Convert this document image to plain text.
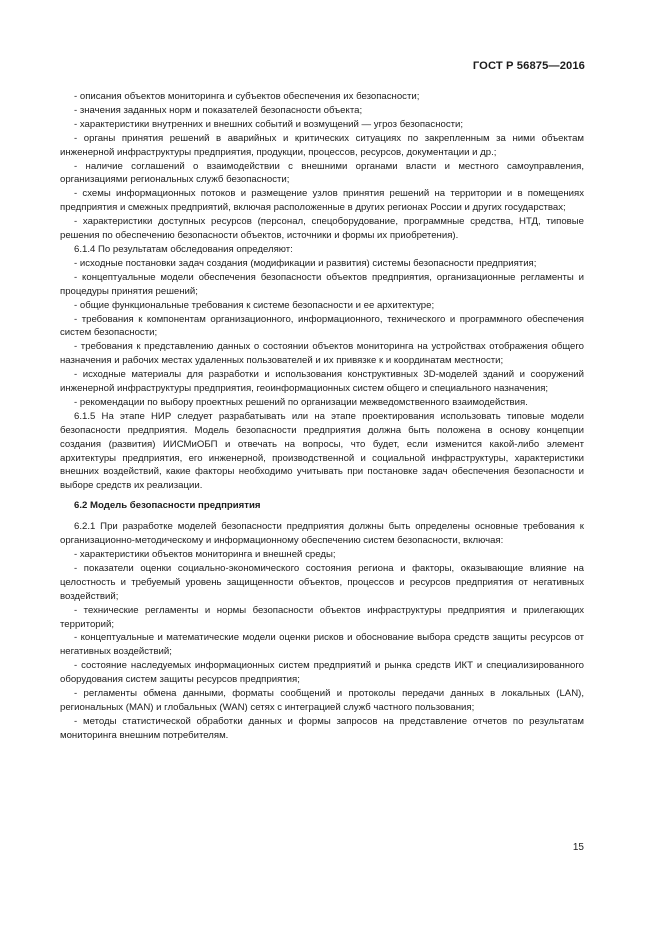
ГОСТ Р 56875—2016

- описания объектов мониторинга и субъектов обеспечения их безопасности;

- значения заданных норм и показателей безопасности объекта;

- характеристики внутренних и внешних событий и возмущений — угроз безопасности;

- органы принятия решений в аварийных и критических ситуациях по закрепленным за ними объектам инженерной инфраструктуры предприятия, продукции, процессов, ресурсов, документации и др.;

- наличие соглашений о взаимодействии с внешними органами власти и местного самоуправления, организациями региональных служб безопасности;

- схемы информационных потоков и размещение узлов принятия решений на территории и в помещениях предприятия и смежных предприятий, включая расположенные в других регионах России и других государствах;

- характеристики доступных ресурсов (персонал, спецоборудование, программные средства, НТД, типовые решения по обеспечению безопасности объектов, источники и формы их приобретения).

6.1.4 По результатам обследования определяют:

- исходные постановки задач создания (модификации и развития) системы безопасности предприятия;

- концептуальные модели обеспечения безопасности объектов предприятия, организационные регламенты и процедуры принятия решений;

- общие функциональные требования к системе безопасности и ее архитектуре;

- требования к компонентам организационного, информационного, технического и программного обеспечения систем безопасности;

- требования к представлению данных о состоянии объектов мониторинга на устройствах отображения общего назначения и рабочих местах удаленных пользователей и их привязке к и координатам местности;

- исходные материалы для разработки и использования конструктивных 3D-моделей зданий и сооружений инженерной инфраструктуры предприятия, геоинформационных систем общего и специального назначения;

- рекомендации по выбору проектных решений по организации межведомственного взаимодействия.

6.1.5 На этапе НИР следует разрабатывать или на этапе проектирования использовать типовые модели безопасности предприятия. Модель безопасности предприятия должна быть положена в основу концепции создания (развития) ИИСМиОБП и отвечать на вопросы, что будет, если изменится какой-либо элемент архитектуры предприятия, его инженерной, производственной и социальной инфраструктуры, характеристики внешних воздействий, какие факторы необходимо учитывать при постановке задач обеспечения безопасности и выборе средств их реализации.

6.2 Модель безопасности предприятия

6.2.1 При разработке моделей безопасности предприятия должны быть определены основные требования к организационно-методическому и информационному обеспечению систем безопасности, включая:

- характеристики объектов мониторинга и внешней среды;

- показатели оценки социально-экономического состояния региона и факторы, оказывающие влияние на целостность и требуемый уровень защищенности объектов, процессов и ресурсов предприятия от негативных воздействий;

- технические регламенты и нормы безопасности объектов инфраструктуры предприятия и прилегающих территорий;

- концептуальные и математические модели оценки рисков и обоснование выбора средств защиты ресурсов от негативных воздействий;

- состояние наследуемых информационных систем предприятий и рынка средств ИКТ и специализированного оборудования систем защиты ресурсов предприятия;

- регламенты обмена данными, форматы сообщений и протоколы передачи данных в локальных (LAN), региональных (MAN) и глобальных (WAN) сетях с интеграцией служб частного пользования;

- методы статистической обработки данных и формы запросов на представление отчетов по результатам мониторинга внешним потребителям.

15
